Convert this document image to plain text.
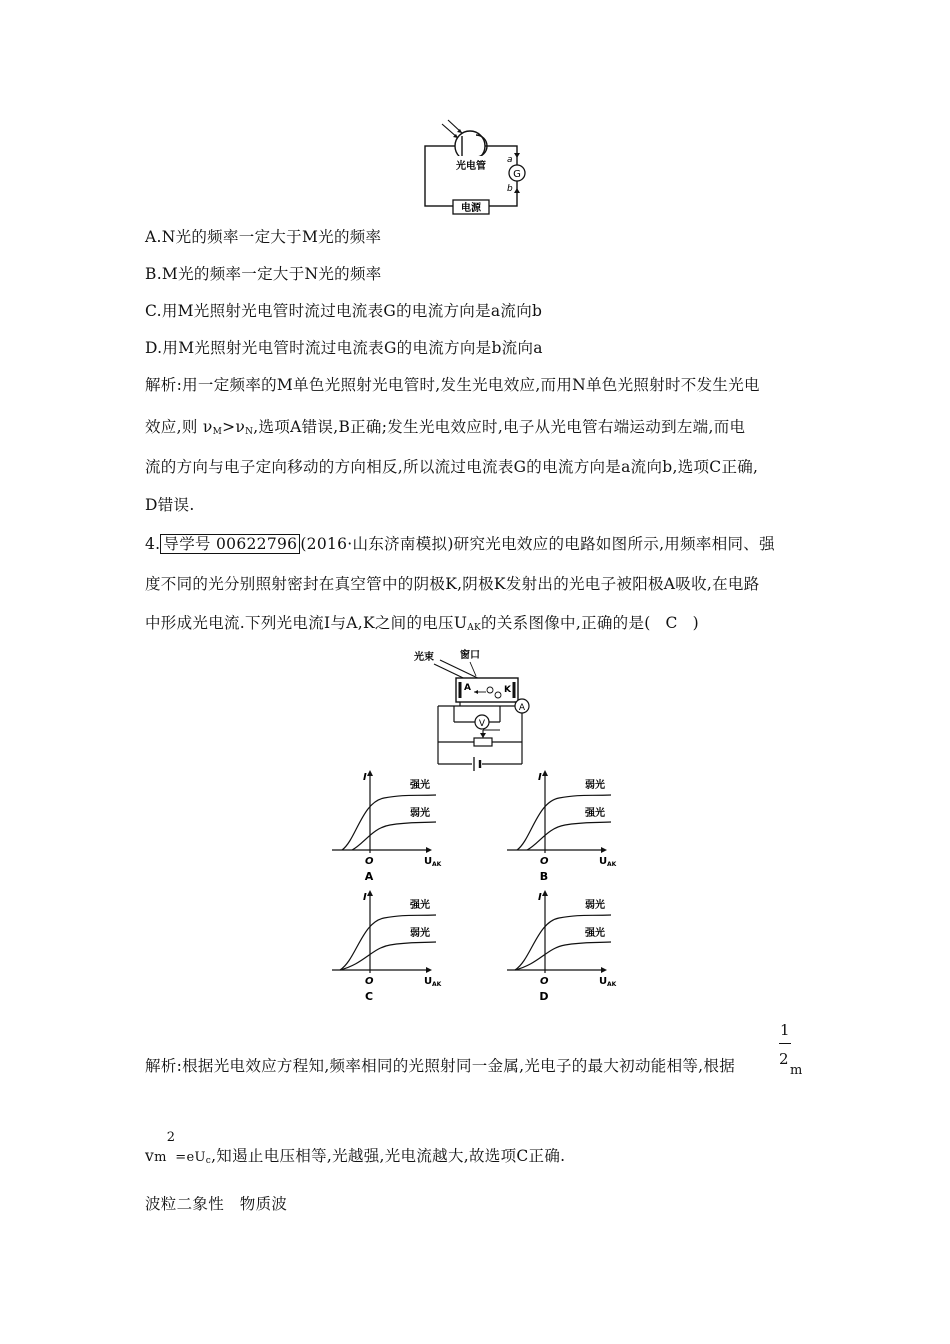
光电管
G
a
b
电源
A.N光的频率一定大于M光的频率
B.M光的频率一定大于N光的频率
C.用M光照射光电管时流过电流表G的电流方向是a流向b
D.用M光照射光电管时流过电流表G的电流方向是b流向a
解析:用一定频率的M单色光照射光电管时,发生光电效应,而用N单色光照射时不发生光电
效应,则 $\nu_M>\nu_N$,选项A错误,B正确;发生光电效应时,电子从光电管右端运动到左端,而电
流的方向与电子定向移动的方向相反,所以流过电流表G的电流方向是a流向b,选项C正确,
D错误.
4. 导学号 00622796 (2016·山东济南模拟)研究光电效应的电路如图所示,用频率相同、强
度不同的光分别照射密封在真空管中的阴极K,阴极K发射出的光电子被阳极A吸收,在电路
中形成光电流.下列光电流I与A,K之间的电压$U_{AK}$的关系图像中,正确的是( C )
光束	窗口
A	K
A
V
I
O	U AK
强光
弱光
A
I
O	U AK
弱光
强光
B
I
O	U AK
强光
弱光
C
I
O	U AK
弱光
强光
D
1
2
解析:根据光电效应方程知,频率相同的光照射同一金属,光电子的最大初动能相等,根据	m
$vm^2=eU_c$,知遏止电压相等,光越强,光电流越大,故选项C正确.
波粒二象性　物质波
